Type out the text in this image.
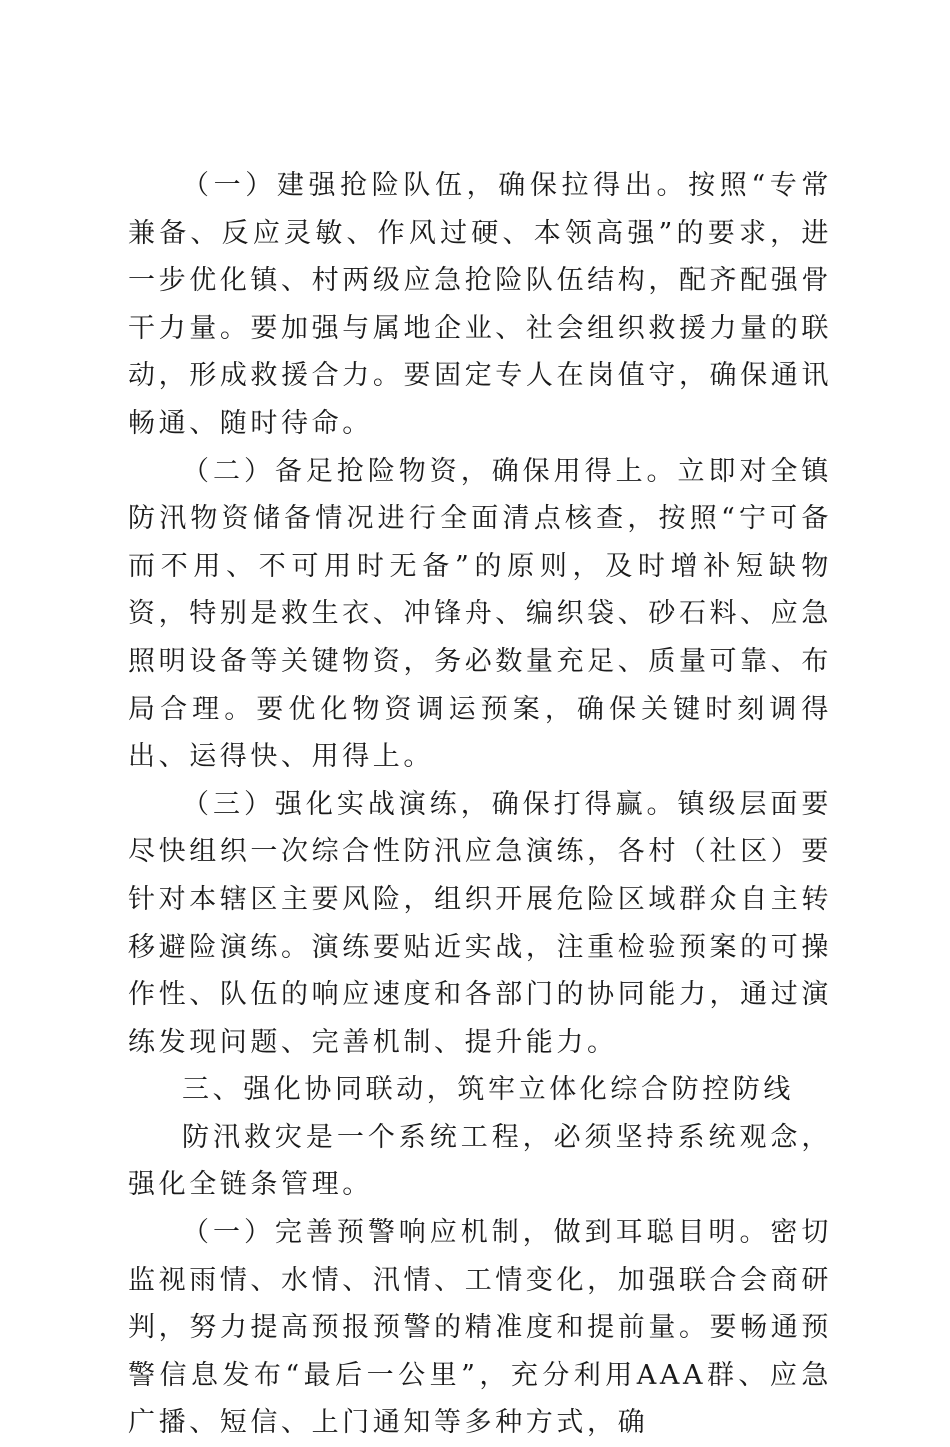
（一）建强抢险队伍，确保拉得出。按照“专常兼备、反应灵敏、作风过硬、本领高强”的要求，进一步优化镇、村两级应急抢险队伍结构，配齐配强骨干力量。要加强与属地企业、社会组织救援力量的联动，形成救援合力。要固定专人在岗值守，确保通讯畅通、随时待命。

（二）备足抢险物资，确保用得上。立即对全镇防汛物资储备情况进行全面清点核查，按照“宁可备而不用、不可用时无备”的原则，及时增补短缺物资，特别是救生衣、冲锋舟、编织袋、砂石料、应急照明设备等关键物资，务必数量充足、质量可靠、布局合理。要优化物资调运预案，确保关键时刻调得出、运得快、用得上。

（三）强化实战演练，确保打得赢。镇级层面要尽快组织一次综合性防汛应急演练，各村（社区）要针对本辖区主要风险，组织开展危险区域群众自主转移避险演练。演练要贴近实战，注重检验预案的可操作性、队伍的响应速度和各部门的协同能力，通过演练发现问题、完善机制、提升能力。

三、强化协同联动，筑牢立体化综合防控防线

防汛救灾是一个系统工程，必须坚持系统观念，强化全链条管理。

（一）完善预警响应机制，做到耳聪目明。密切监视雨情、水情、汛情、工情变化，加强联合会商研判，努力提高预报预警的精准度和提前量。要畅通预警信息发布“最后一公里”，充分利用AAA群、应急广播、短信、上门通知等多种方式，确
